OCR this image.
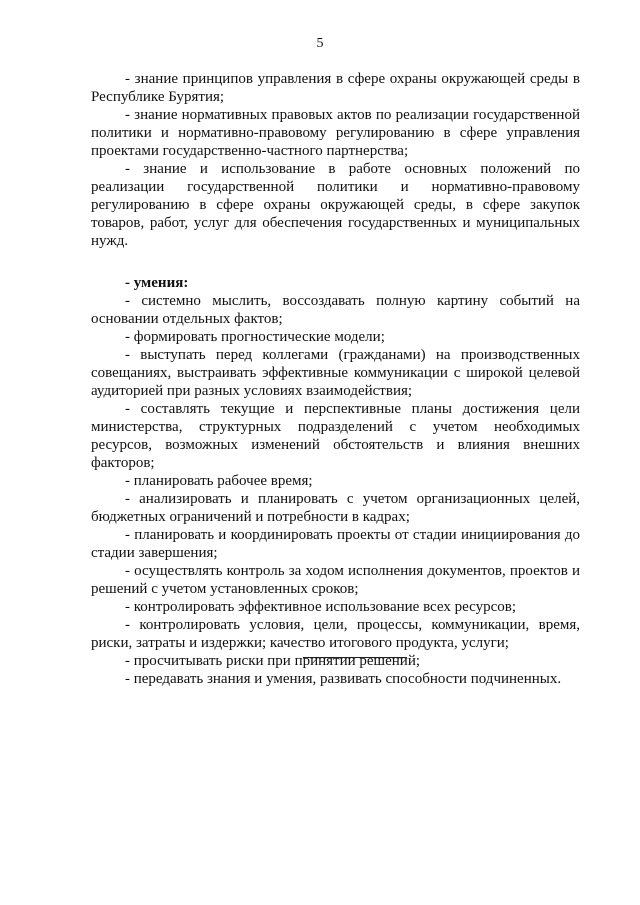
5

- знание принципов управления в сфере охраны окружающей среды в Республике Бурятия;

- знание нормативных правовых актов по реализации государственной политики и нормативно-правовому регулированию в сфере управления проектами государственно-частного партнерства;

- знание и использование в работе основных положений по реализации государственной политики и нормативно-правовому регулированию в сфере охраны окружающей среды, в сфере закупок товаров, работ, услуг для обеспечения государственных и муниципальных нужд.

- умения:

- системно мыслить, воссоздавать полную картину событий на основании отдельных фактов;

- формировать прогностические модели;

- выступать перед коллегами (гражданами) на производственных совещаниях, выстраивать эффективные коммуникации с широкой целевой аудиторией при разных условиях взаимодействия;

- составлять текущие и перспективные планы достижения цели министерства, структурных подразделений с учетом необходимых ресурсов, возможных изменений обстоятельств и влияния внешних факторов;

- планировать рабочее время;

- анализировать и планировать с учетом организационных целей, бюджетных ограничений и потребности в кадрах;

- планировать и координировать проекты от стадии инициирования до стадии завершения;

- осуществлять контроль за ходом исполнения документов, проектов и решений с учетом установленных сроков;

- контролировать эффективное использование всех ресурсов;

- контролировать условия, цели, процессы, коммуникации, время, риски, затраты и издержки; качество итогового продукта, услуги;

- просчитывать риски при принятии решений;

- передавать знания и умения, развивать способности подчиненных.
